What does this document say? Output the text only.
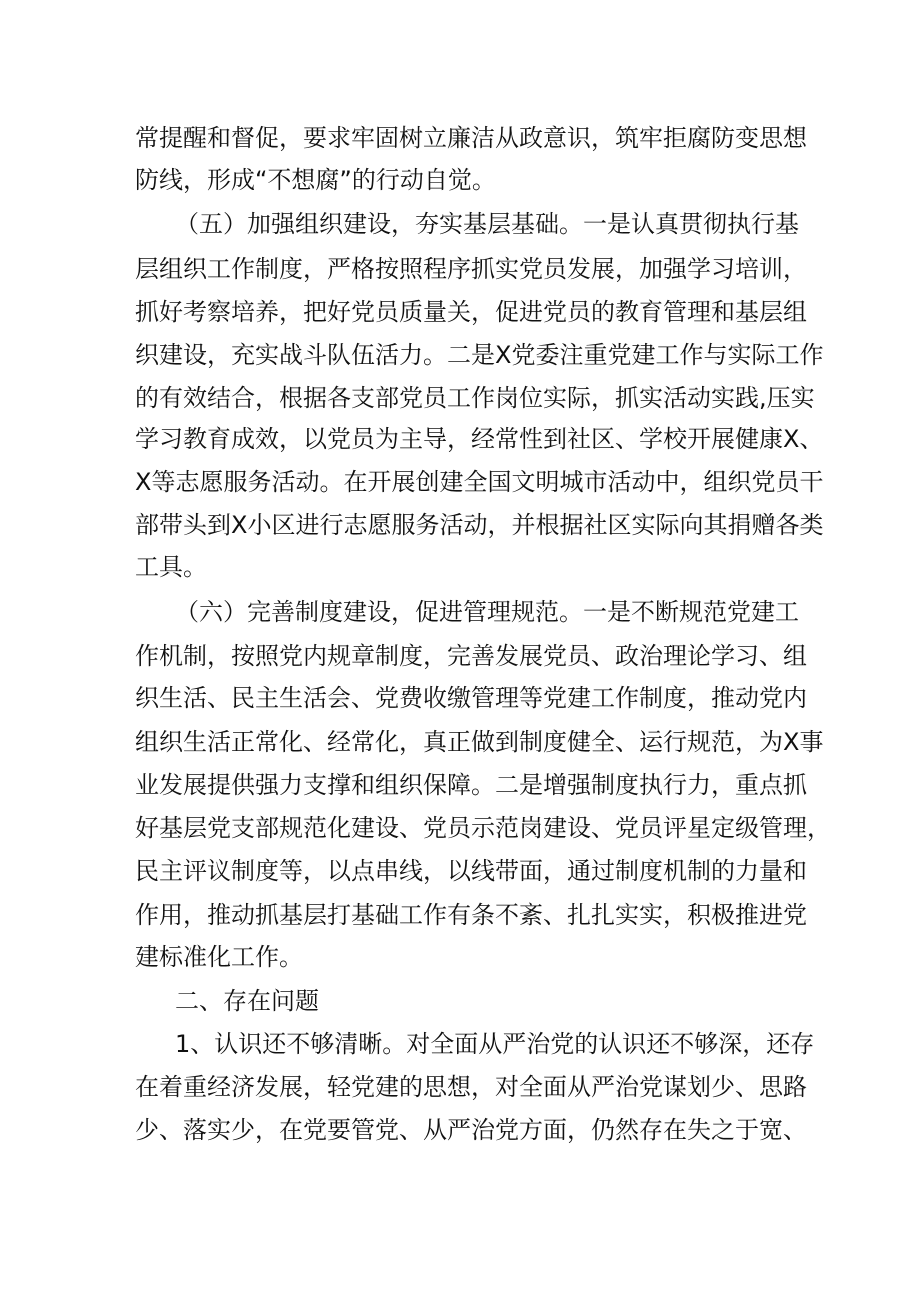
常提醒和督促，要求牢固树立廉洁从政意识，筑牢拒腐防变思想
防线，形成“不想腐”的行动自觉。
（五）加强组织建设，夯实基层基础。一是认真贯彻执行基
层组织工作制度，严格按照程序抓实党员发展，加强学习培训，
抓好考察培养，把好党员质量关，促进党员的教育管理和基层组
织建设，充实战斗队伍活力。二是X党委注重党建工作与实际工作
的有效结合，根据各支部党员工作岗位实际，抓实活动实践,压实
学习教育成效，以党员为主导，经常性到社区、学校开展健康X、
X等志愿服务活动。在开展创建全国文明城市活动中，组织党员干
部带头到X小区进行志愿服务活动，并根据社区实际向其捐赠各类
工具。
（六）完善制度建设，促进管理规范。一是不断规范党建工
作机制，按照党内规章制度，完善发展党员、政治理论学习、组
织生活、民主生活会、党费收缴管理等党建工作制度，推动党内
组织生活正常化、经常化，真正做到制度健全、运行规范，为X事
业发展提供强力支撑和组织保障。二是增强制度执行力，重点抓
好基层党支部规范化建设、党员示范岗建设、党员评星定级管理，
民主评议制度等，以点串线，以线带面，通过制度机制的力量和
作用，推动抓基层打基础工作有条不紊、扎扎实实，积极推进党
建标准化工作。
二、存在问题
1、认识还不够清晰。对全面从严治党的认识还不够深，还存
在着重经济发展，轻党建的思想，对全面从严治党谋划少、思路
少、落实少，在党要管党、从严治党方面，仍然存在失之于宽、
